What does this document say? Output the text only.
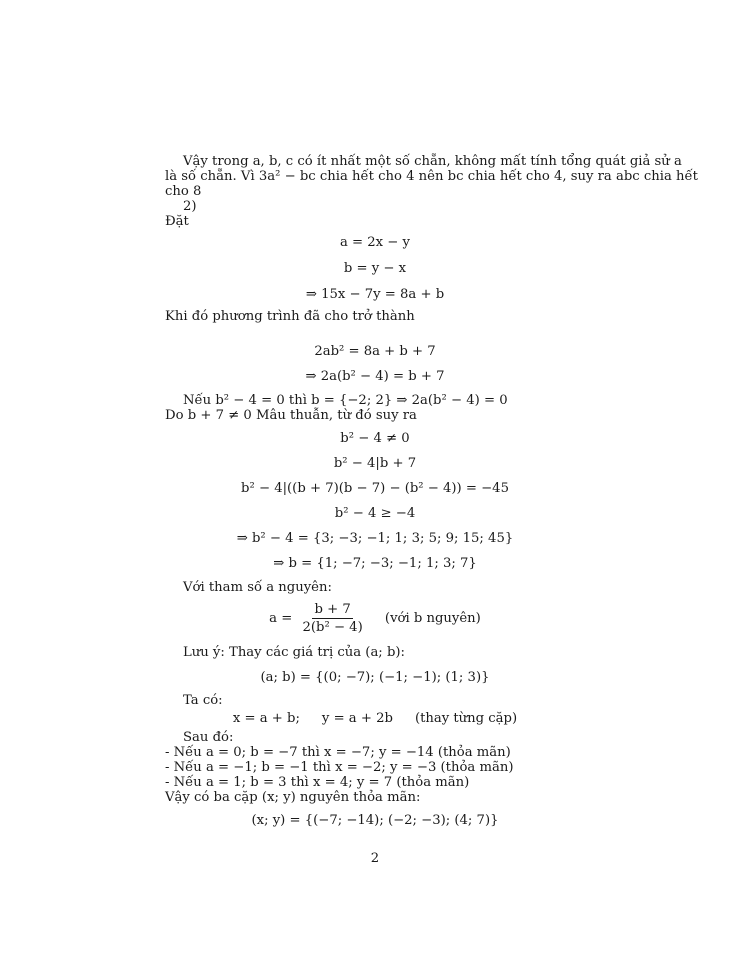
Vậy trong a, b, c có ít nhất một số chẵn, không mất tính tổng quát giả sử a
là số chẵn. Vì 3a² − bc chia hết cho 4 nên bc chia hết cho 4, suy ra abc chia hết
cho 8
2)
Đặt
a = 2x − y
b = y − x
⇒ 15x − 7y = 8a + b
Khi đó phương trình đã cho trở thành
2ab² = 8a + b + 7
⇒ 2a(b² − 4) = b + 7
Nếu b² − 4 = 0 thì b = {−2; 2} ⇒ 2a(b² − 4) = 0
Do b + 7 ≠ 0 Mâu thuẫn, từ đó suy ra
b² − 4 ≠ 0
b² − 4|b + 7
b² − 4|((b + 7)(b − 7) − (b² − 4)) = −45
b² − 4 ≥ −4
⇒ b² − 4 = {3; −3; −1; 1; 3; 5; 9; 15; 45}
⇒ b = {1; −7; −3; −1; 1; 3; 7}
Với tham số a nguyên:
$a = \frac{b + 7}{\text{2(b² − 4)}}$ (với b nguyên)
Lưu ý: Thay các giá trị của (a; b):
(a; b) = {(0; −7); (−1; −1); (1; 3)}
Ta có:
x = a + b; y = a + 2b (thay từng cặp)
Sau đó:
- Nếu a = 0; b = −7 thì x = −7; y = −14 (thỏa mãn)
- Nếu a = −1; b = −1 thì x = −2; y = −3 (thỏa mãn)
- Nếu a = 1; b = 3 thì x = 4; y = 7 (thỏa mãn)
Vậy có ba cặp (x; y) nguyên thỏa mãn:
(x; y) = {(−7; −14); (−2; −3); (4; 7)}
2
